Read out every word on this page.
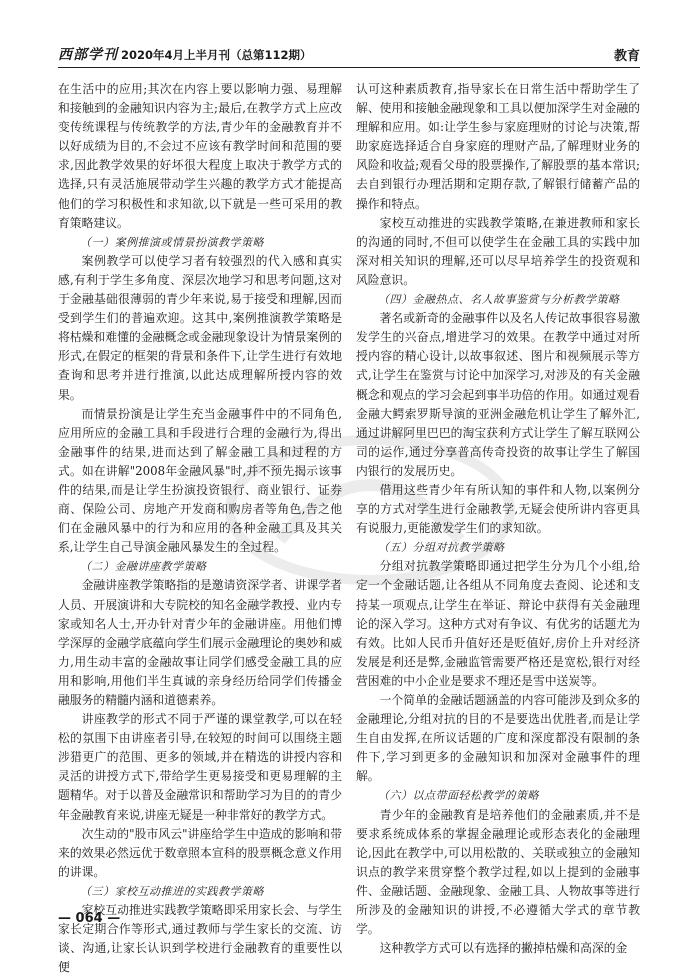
西部学刊 2020年4月上半月刊（总第112期）	教育

在生活中的应用;其次在内容上要以影响力强、易理解和接触到的金融知识内容为主;最后,在教学方式上应改变传统课程与传统教学的方法,青少年的金融教育并不以好成绩为目的,不会过不应该有教学时间和范围的要求,因此教学效果的好坏很大程度上取决于教学方式的选择,只有灵活施展带动学生兴趣的教学方式才能提高他们的学习积极性和求知欲,以下就是一些可采用的教育策略建议。

（一）案例推演或情景扮演教学策略

案例教学可以使学习者有较强烈的代入感和真实感,有利于学生多角度、深层次地学习和思考问题,这对于金融基础很薄弱的青少年来说,易于接受和理解,因而受到学生们的普遍欢迎。这其中,案例推演教学策略是将枯燥和难懂的金融概念或金融现象设计为情景案例的形式,在假定的框架的背景和条件下,让学生进行有效地查询和思考并进行推演,以此达成理解所授内容的效果。

而情景扮演是让学生充当金融事件中的不同角色,应用所应的金融工具和手段进行合理的金融行为,得出金融事件的结果,进而达到了解金融工具和过程的方式。如在讲解"2008年金融风暴"时,并不预先揭示该事件的结果,而是让学生扮演投资银行、商业银行、证券商、保险公司、房地产开发商和购房者等角色,告之他们在金融风暴中的行为和应用的各种金融工具及其关系,让学生自己导演金融风暴发生的全过程。

（二）金融讲座教学策略

金融讲座教学策略指的是邀请资深学者、讲课学者人员、开展演讲和大专院校的知名金融学教授、业内专家或知名人士,开办针对青少年的金融讲座。用他们博学深厚的金融学底蕴向学生们展示金融理论的奥妙和威力,用生动丰富的金融故事让同学们感受金融工具的应用和影响,用他们半生真诚的亲身经历给同学们传播金融服务的精髓内涵和道德素养。

讲座教学的形式不同于严谨的课堂教学,可以在轻松的氛围下由讲座者引导,在较短的时间可以围绕主题涉猎更广的范围、更多的领域,并在精选的讲授内容和灵活的讲授方式下,带给学生更易接受和更易理解的主题精华。对于以普及金融常识和帮助学习为目的的青少年金融教育来说,讲座无疑是一种非常好的教学方式。

次生动的"股市风云"讲座给学生中造成的影响和带来的效果必然远优于数章照本宣科的股票概念意义作用的讲课。

（三）家校互动推进的实践教学策略

家校互动推进实践教学策略即采用家长会、与学生家长定期合作等形式,通过教师与学生家长的交流、访谈、沟通,让家长认识到学校进行金融教育的重要性以便

认可这种素质教育,指导家长在日常生活中帮助学生了解、使用和接触金融现象和工具以便加深学生对金融的理解和应用。如:让学生参与家庭理财的讨论与决策,帮助家庭选择适合自身家庭的理财产品,了解理财业务的风险和收益;观看父母的股票操作,了解股票的基本常识;去自到银行办理活期和定期存款,了解银行储蓄产品的操作和特点。

家校互动推进的实践教学策略,在兼进教师和家长的沟通的同时,不但可以使学生在金融工具的实践中加深对相关知识的理解,还可以尽早培养学生的投资观和风险意识。

（四）金融热点、名人故事鉴赏与分析教学策略

著名或新奇的金融事件以及名人传记故事很容易激发学生的兴奋点,增进学习的效果。在教学中通过对所授内容的精心设计,以故事叙述、图片和视频展示等方式,让学生在鉴赏与讨论中加深学习,对涉及的有关金融概念和观点的学习会起到事半功倍的作用。如通过观看金融大鳄索罗斯导演的亚洲金融危机让学生了解外汇,通过讲解阿里巴巴的淘宝获利方式让学生了解互联网公司的运作,通过分享普高传奇投资的故事让学生了解国内银行的发展历史。

借用这些青少年有所认知的事件和人物,以案例分享的方式对学生进行金融教学,无疑会使所讲内容更具有说服力,更能激发学生们的求知欲。

（五）分组对抗教学策略

分组对抗教学策略即通过把学生分为几个小组,给定一个金融话题,让各组从不同角度去查阅、论述和支持某一项观点,让学生在举证、辩论中获得有关金融理论的深入学习。这种方式对有争议、有优劣的话题尤为有效。比如人民币升值好还是贬值好,房价上升对经济发展是利还是弊,金融监管需要严格还是宽松,银行对经营困难的中小企业是要求不理还是雪中送炭等。

一个简单的金融话题涵盖的内容可能涉及到众多的金融理论,分组对抗的目的不是要选出优胜者,而是让学生自由发挥,在所议话题的广度和深度都没有限制的条件下,学习到更多的金融知识和加深对金融事件的理解。

（六）以点带面轻松教学的策略

青少年的金融教育是培养他们的金融素质,并不是要求系统成体系的掌握金融理论或形态表化的金融理论,因此在教学中,可以用松散的、关联或独立的金融知识点的教学来贯穿整个教学过程,如以上提到的金融事件、金融话题、金融现象、金融工具、人物故事等进行所涉及的金融知识的讲授,不必遵循大学式的章节教学。

这种教学方式可以有选择的撇掉枯燥和高深的金

— 064 —
